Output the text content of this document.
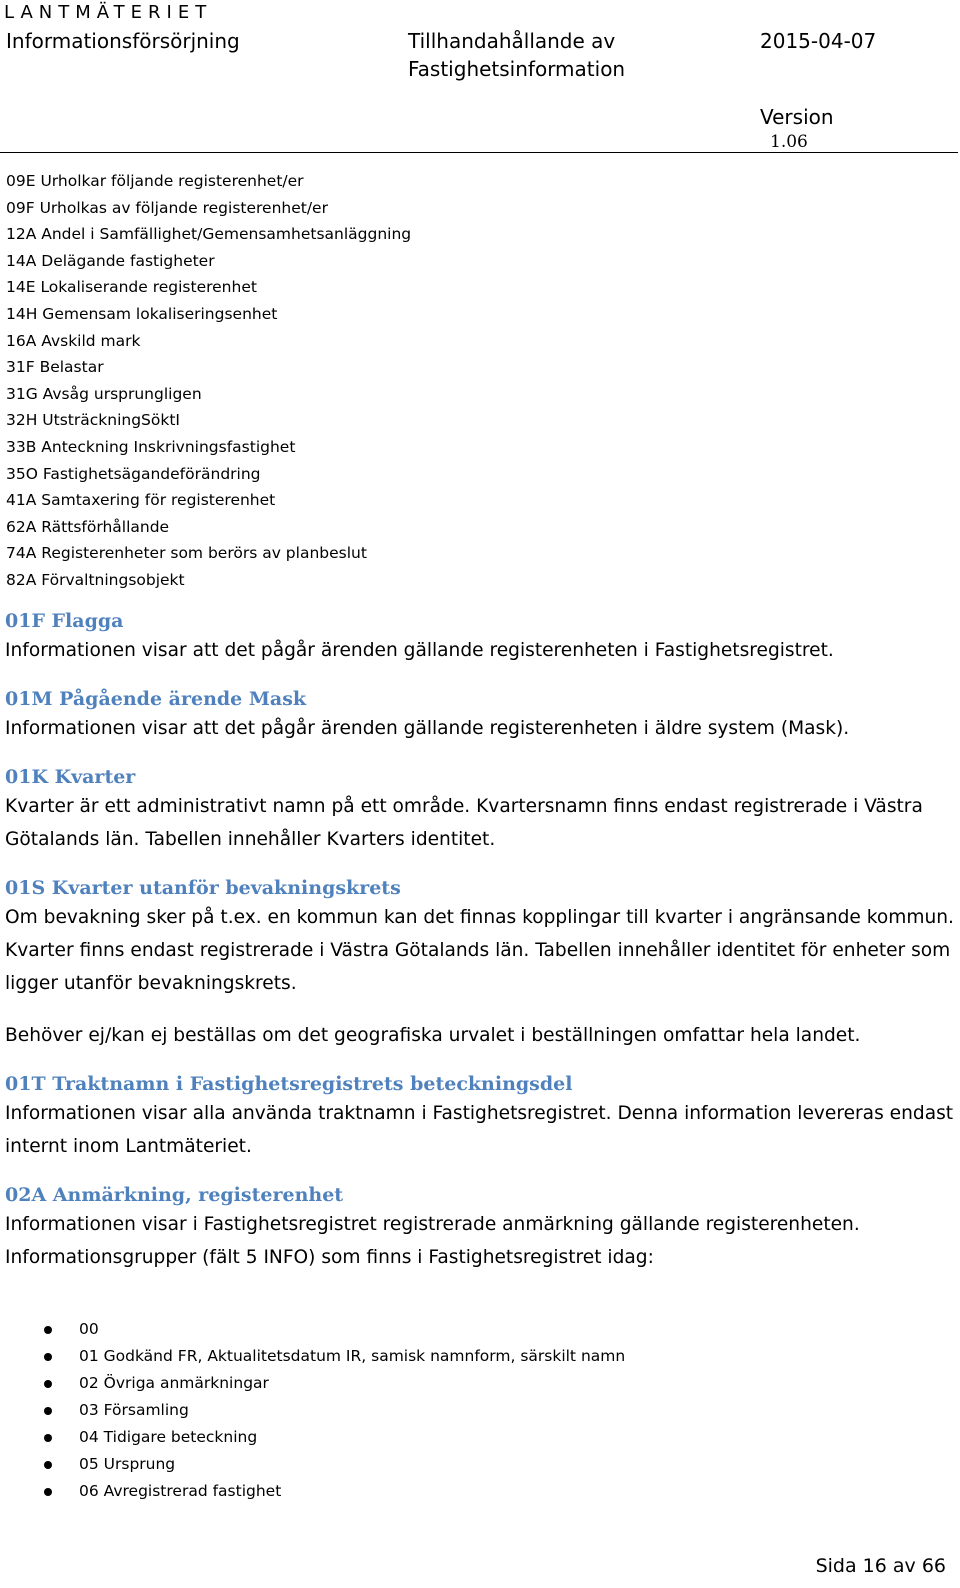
LANTMÄTERIET
Informationsförsörjning	Tillhandahållande av
Fastighetsinformation
2015-04-07
Version
1.06
09E Urholkar följande registerenhet/er
09F Urholkas av följande registerenhet/er
12A Andel i Samfällighet/Gemensamhetsanläggning
14A Delägande fastigheter
14E Lokaliserande registerenhet
14H Gemensam lokaliseringsenhet
16A Avskild mark
31F Belastar
31G Avsåg ursprungligen
32H UtsträckningSöktI
33B Anteckning Inskrivningsfastighet
35O Fastighetsägandeförändring
41A Samtaxering för registerenhet
62A Rättsförhållande
74A Registerenheter som berörs av planbeslut
82A Förvaltningsobjekt
01F Flagga

Informationen visar att det pågår ärenden gällande registerenheten i Fastighetsregistret.

01M Pågående ärende Mask

Informationen visar att det pågår ärenden gällande registerenheten i äldre system (Mask).

01K Kvarter

Kvarter är ett administrativt namn på ett område. Kvartersnamn finns endast registrerade i Västra Götalands län. Tabellen innehåller Kvarters identitet.

01S Kvarter utanför bevakningskrets

Om bevakning sker på t.ex. en kommun kan det finnas kopplingar till kvarter i angränsande kommun. Kvarter finns endast registrerade i Västra Götalands län. Tabellen innehåller identitet för enheter som ligger utanför bevakningskrets.

Behöver ej/kan ej beställas om det geografiska urvalet i beställningen omfattar hela landet.

01T Traktnamn i Fastighetsregistrets beteckningsdel

Informationen visar alla använda traktnamn i Fastighetsregistret. Denna information levereras endast internt inom Lantmäteriet.

02A Anmärkning, registerenhet

Informationen visar i Fastighetsregistret registrerade anmärkning gällande registerenheten. Informationsgrupper (fält 5 INFO) som finns i Fastighetsregistret idag:

00
01 Godkänd FR, Aktualitetsdatum IR, samisk namnform, särskilt namn
02 Övriga anmärkningar
03 Församling
04 Tidigare beteckning
05 Ursprung
06 Avregistrerad fastighet
Sida 16 av 66
